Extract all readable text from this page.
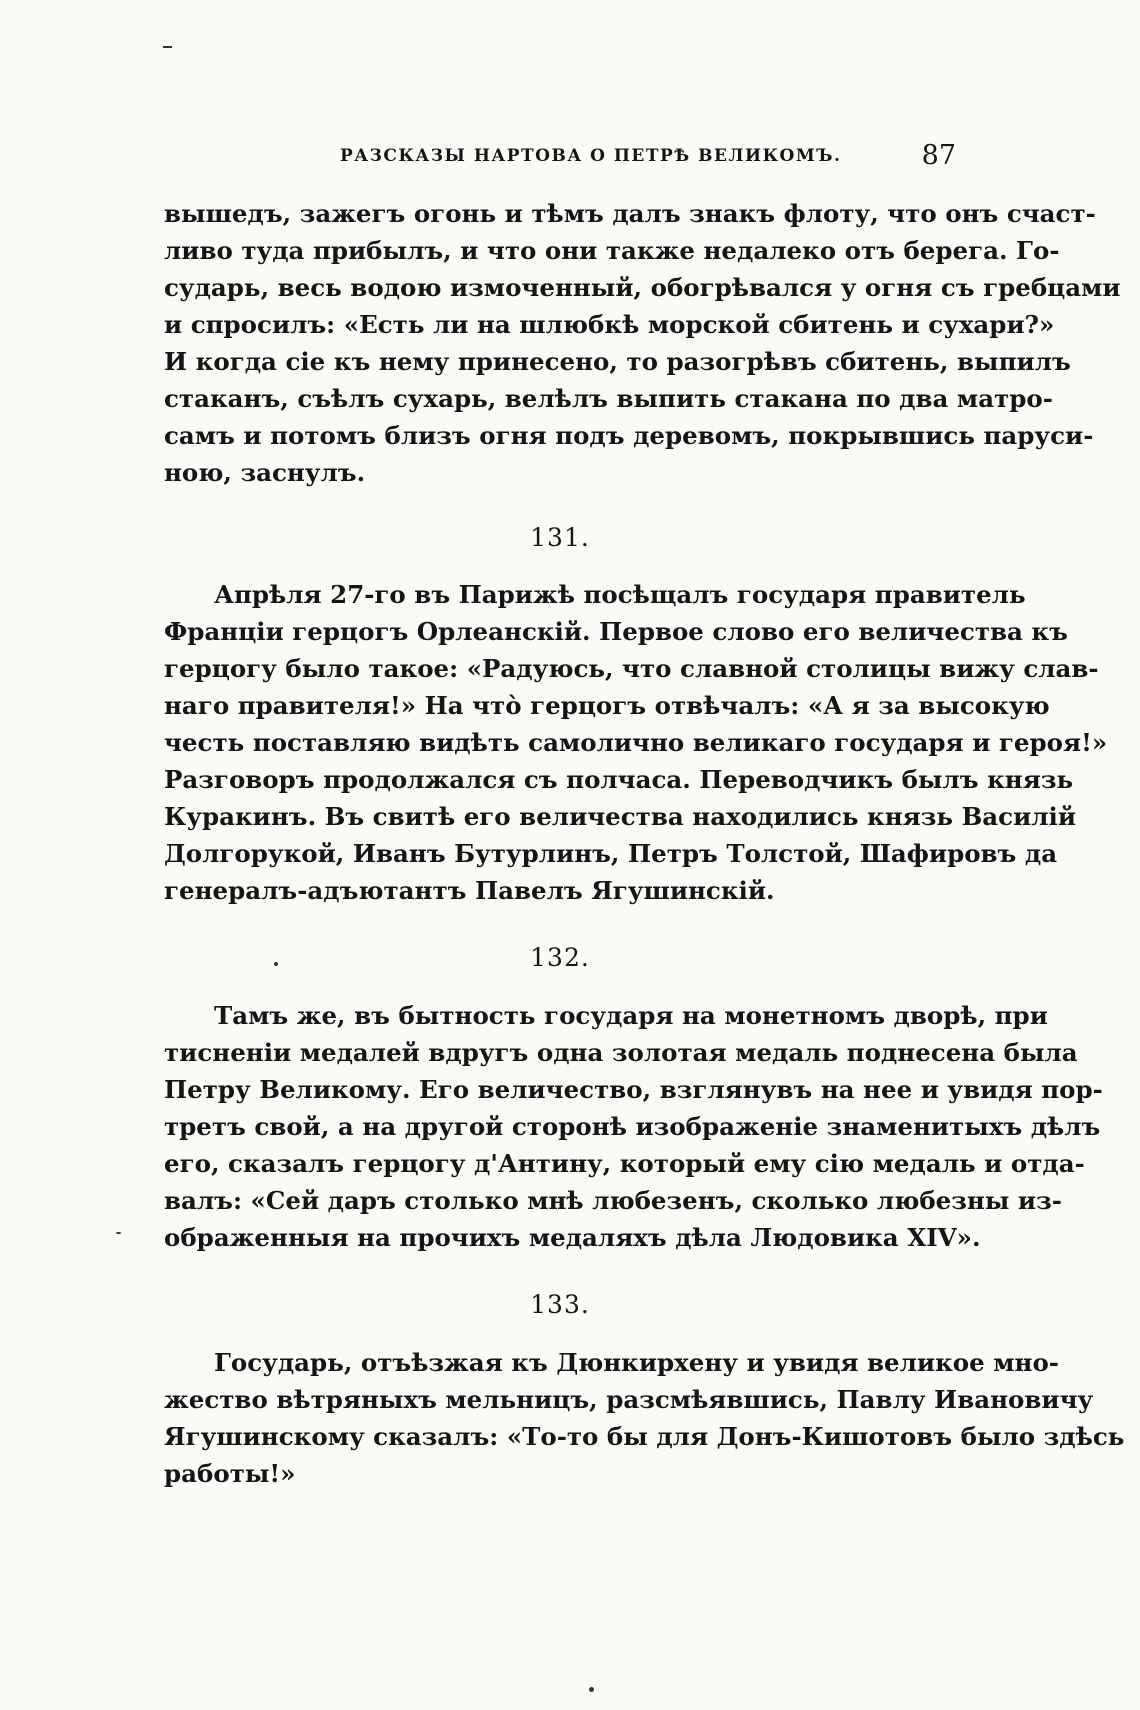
РАЗСКАЗЫ НАРТОВА О ПЕТРѢ ВЕЛИКОМЪ.	87
вышедъ, зажегъ огонь и тѣмъ далъ знакъ флоту, что онъ счаст-
ливо туда прибылъ, и что они также недалеко отъ берега. Го-
сударь, весь водою измоченный, обогрѣвался у огня съ гребцами
и спросилъ: «Есть ли на шлюбкѣ морской сбитень и сухари?»
И когда сіе къ нему принесено, то разогрѣвъ сбитень, выпилъ
стаканъ, съѣлъ сухарь, велѣлъ выпить стакана по два матро-
самъ и потомъ близъ огня подъ деревомъ, покрывшись паруси-
ною, заснулъ.
131.
Апрѣля 27-го въ Парижѣ посѣщалъ государя правитель
Франціи герцогъ Орлеанскій. Первое слово его величества къ
герцогу было такое: «Радуюсь, что славной столицы вижу слав-
наго правителя!» На что̀ герцогъ отвѣчалъ: «А я за высокую
честь поставляю видѣть самолично великаго государя и героя!»
Разговоръ продолжался съ полчаса. Переводчикъ былъ князь
Куракинъ. Въ свитѣ его величества находились князь Василій
Долгорукой, Иванъ Бутурлинъ, Петръ Толстой, Шафировъ да
генералъ-адъютантъ Павелъ Ягушинскій.
132.
Тамъ же, въ бытность государя на монетномъ дворѣ, при
тисненіи медалей вдругъ одна золотая медаль поднесена была
Петру Великому. Его величество, взглянувъ на нее и увидя пор-
третъ свой, а на другой сторонѣ изображеніе знаменитыхъ дѣлъ
его, сказалъ герцогу д'Антину, который ему сію медаль и отда-
валъ: «Сей даръ столько мнѣ любезенъ, сколько любезны из-
ображенныя на прочихъ медаляхъ дѣла Людовика XIV».
133.
Государь, отъѣзжая къ Дюнкирхену и увидя великое мно-
жество вѣтряныхъ мельницъ, разсмѣявшись, Павлу Ивановичу
Ягушинскому сказалъ: «То-то бы для Донъ-Кишотовъ было здѣсь
работы!»
